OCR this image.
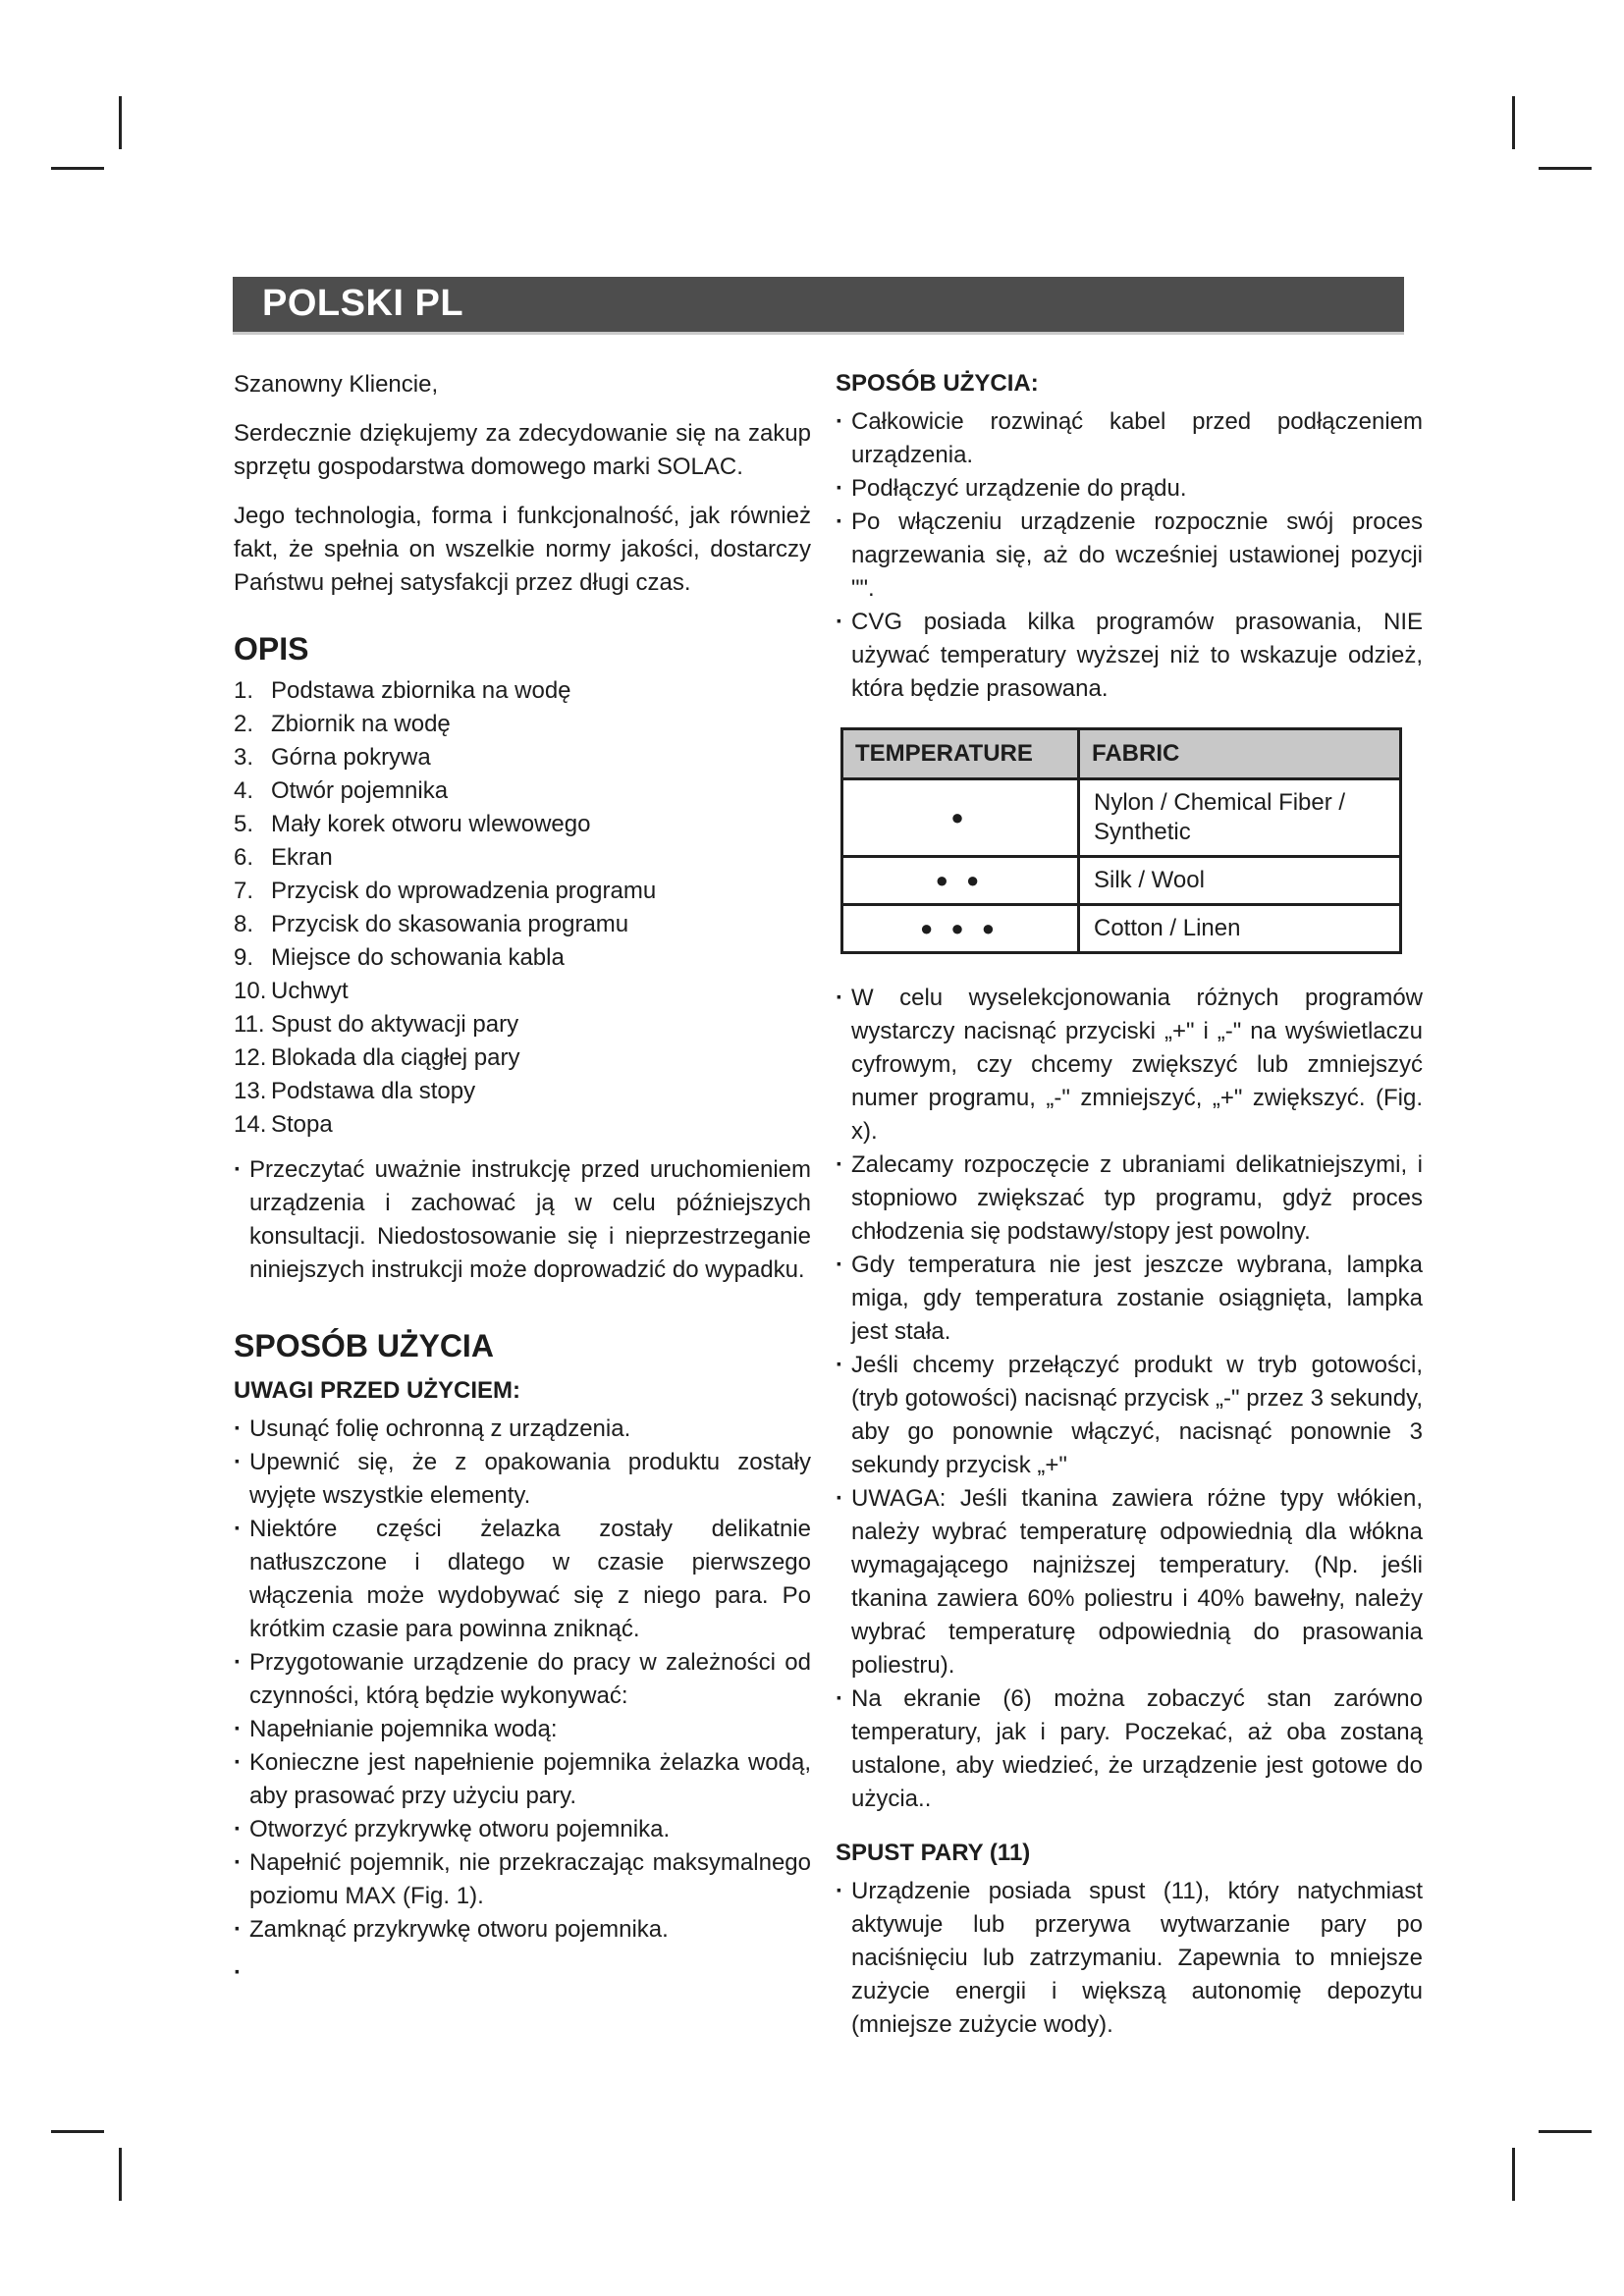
POLSKI PL

Szanowny Kliencie,

Serdecznie dziękujemy za zdecydowanie się na zakup sprzętu gospodarstwa domowego marki SOLAC.

Jego technologia, forma i funkcjonalność, jak również fakt, że spełnia on wszelkie normy jakości, dostarczy Państwu pełnej satysfakcji przez długi czas.

OPIS
1. Podstawa zbiornika na wodę
2. Zbiornik na wodę
3. Górna pokrywa
4. Otwór pojemnika
5. Mały korek otworu wlewowego
6. Ekran
7. Przycisk do wprowadzenia programu
8. Przycisk do skasowania programu
9. Miejsce do schowania kabla
10. Uchwyt
11. Spust do aktywacji pary
12. Blokada dla ciągłej pary
13. Podstawa dla stopy
14. Stopa
· Przeczytać uważnie instrukcję przed uruchomieniem urządzenia i zachować ją w celu późniejszych konsultacji. Niedostosowanie się i nieprzestrzeganie niniejszych instrukcji może doprowadzić do wypadku.
SPOSÓB UŻYCIA
UWAGI PRZED UŻYCIEM:
· Usunąć folię ochronną z urządzenia.
· Upewnić się, że z opakowania produktu zostały wyjęte wszystkie elementy.
· Niektóre części żelazka zostały delikatnie natłuszczone i dlatego w czasie pierwszego włączenia może wydobywać się z niego para. Po krótkim czasie para powinna zniknąć.
· Przygotowanie urządzenie do pracy w zależności od czynności, którą będzie wykonywać:
· Napełnianie pojemnika wodą:
· Konieczne jest napełnienie pojemnika żelazka wodą, aby prasować przy użyciu pary.
· Otworzyć przykrywkę otworu pojemnika.
· Napełnić pojemnik, nie przekraczając maksymalnego poziomu MAX (Fig. 1).
· Zamknąć przykrywkę otworu pojemnika.
·
SPOSÓB UŻYCIA:
· Całkowicie rozwinąć kabel przed podłączeniem urządzenia.
· Podłączyć urządzenie do prądu.
· Po włączeniu urządzenie rozpocznie swój proces nagrzewania się, aż do wcześniej ustawionej pozycji "".
· CVG posiada kilka programów prasowania, NIE używać temperatury wyższej niż to wskazuje odzież, która będzie prasowana.
TEMPERATURE	FABRIC
●	Nylon / Chemical Fiber / Synthetic
● ●	Silk / Wool
● ● ●	Cotton / Linen
· W celu wyselekcjonowania różnych programów wystarczy nacisnąć przyciski „+" i „-" na wyświetlaczu cyfrowym, czy chcemy zwiększyć lub zmniejszyć numer programu, „-" zmniejszyć, „+" zwiększyć. (Fig. x).
· Zalecamy rozpoczęcie z ubraniami delikatniejszymi, i stopniowo zwiększać typ programu, gdyż proces chłodzenia się podstawy/stopy jest powolny.
· Gdy temperatura nie jest jeszcze wybrana, lampka miga, gdy temperatura zostanie osiągnięta, lampka jest stała.
· Jeśli chcemy przełączyć produkt w tryb gotowości, (tryb gotowości) nacisnąć przycisk „-" przez 3 sekundy, aby go ponownie włączyć, nacisnąć ponownie 3 sekundy przycisk „+"
· UWAGA: Jeśli tkanina zawiera różne typy włókien, należy wybrać temperaturę odpowiednią dla włókna wymagającego najniższej temperatury. (Np. jeśli tkanina zawiera 60% poliestru i 40% bawełny, należy wybrać temperaturę odpowiednią do prasowania poliestru).
· Na ekranie (6) można zobaczyć stan zarówno temperatury, jak i pary. Poczekać, aż oba zostaną ustalone, aby wiedzieć, że urządzenie jest gotowe do użycia..
SPUST PARY (11)
· Urządzenie posiada spust (11), który natychmiast aktywuje lub przerywa wytwarzanie pary po naciśnięciu lub zatrzymaniu. Zapewnia to mniejsze zużycie energii i większą autonomię depozytu (mniejsze zużycie wody).
